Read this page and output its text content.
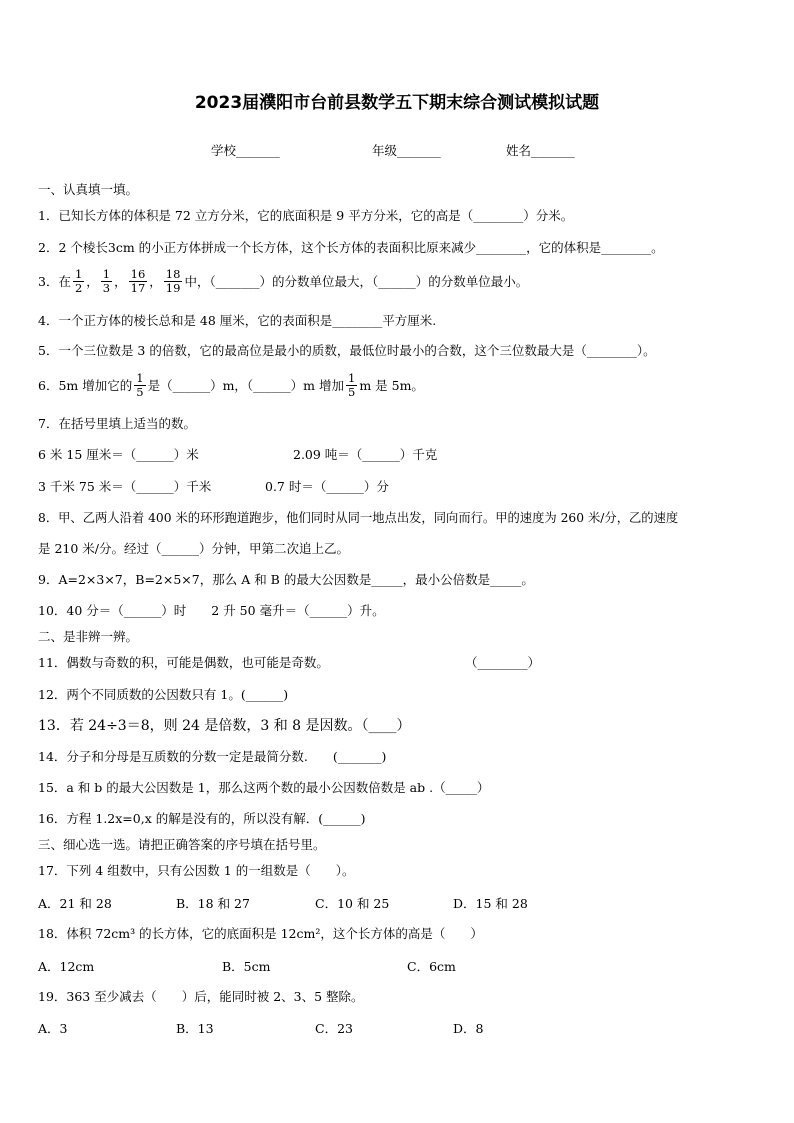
2023届濮阳市台前县数学五下期末综合测试模拟试题
学校_______	年级_______	姓名_______
一、认真填一填。
1．已知长方体的体积是 72 立方分米，它的底面积是 9 平方分米，它的高是（________）分米。
2．2 个棱长3cm 的小正方体拼成一个长方体，这个长方体的表面积比原来减少________，它的体积是________。
3．在 $\frac{1}{2}$ ， $\frac{1}{3}$ ， $\frac{16}{17}$ ， $\frac{18}{19}$ 中，（_______）的分数单位最大，（______）的分数单位最小。
4．一个正方体的棱长总和是 48 厘米，它的表面积是________平方厘米.
5．一个三位数是 3 的倍数，它的最高位是最小的质数，最低位时最小的合数，这个三位数最大是（________）。
6．5m 增加它的 $\frac{1}{5}$ 是（______）m，（______）m 增加 $\frac{1}{5}$ m 是 5m。
7．在括号里填上适当的数。
6 米 15 厘米＝（______）米	2.09 吨＝（______）千克
3 千米 75 米＝（______）千米	0.7 时＝（______）分
8．甲、乙两人沿着 400 米的环形跑道跑步，他们同时从同一地点出发，同向而行。甲的速度为 260 米/分，乙的速度
是 210 米/分。经过（______）分钟，甲第二次追上乙。
9．A=2×3×7，B=2×5×7，那么 A 和 B 的最大公因数是_____，最小公倍数是_____。
10．40 分＝（______）时　　2 升 50 毫升＝（______）升。
二、是非辨一辨。
11．偶数与奇数的积，可能是偶数，也可能是奇数。	（________）
12．两个不同质数的公因数只有 1。(______)
13．若 24÷3＝8，则 24 是倍数，3 和 8 是因数。（____）
14．分子和分母是互质数的分数一定是最简分数.　　(_______)
15．a 和 b 的最大公因数是 1，那么这两个数的最小公因数倍数是 ab .（_____）
16．方程 1.2x=0,x 的解是没有的，所以没有解．(______)
三、细心选一选。请把正确答案的序号填在括号里。
17．下列 4 组数中，只有公因数 1 的一组数是（　　）。
A．21 和 28	B．18 和 27	C．10 和 25	D．15 和 28
18．体积 72cm³ 的长方体，它的底面积是 12cm²，这个长方体的高是（　　）
A．12cm	B．5cm	C．6cm
19．363 至少减去（　　）后，能同时被 2、3、5 整除。
A．3	B．13	C．23	D．8
